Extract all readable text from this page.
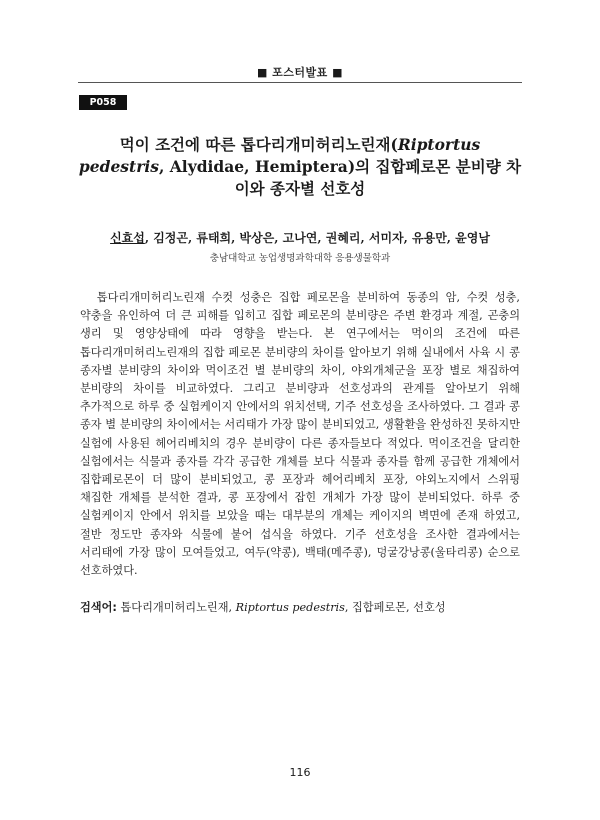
■ 포스터발표 ■
P058
먹이 조건에 따른 톱다리개미허리노린재(Riptortus pedestris, Alydidae, Hemiptera)의 집합페로몬 분비량 차이와 종자별 선호성
신효섭, 김정곤, 류태희, 박상은, 고나연, 권혜리, 서미자, 유용만, 윤영남
충남대학교 농업생명과학대학 응용생물학과

톱다리개미허리노린재 수컷 성충은 집합 페로몬을 분비하여 동종의 암, 수컷 성충, 약충을 유인하여 더 큰 피해를 입히고 집합 페로몬의 분비량은 주변 환경과 계절, 곤충의 생리 및 영양상태에 따라 영향을 받는다. 본 연구에서는 먹이의 조건에 따른 톱다리개미허리노린재의 집합 페로몬 분비량의 차이를 알아보기 위해 실내에서 사육 시 콩 종자별 분비량의 차이와 먹이조건 별 분비량의 차이, 야외개체군을 포장 별로 채집하여 분비량의 차이를 비교하였다. 그리고 분비량과 선호성과의 관계를 알아보기 위해 추가적으로 하루 중 실험케이지 안에서의 위치선택, 기주 선호성을 조사하였다. 그 결과 콩 종자 별 분비량의 차이에서는 서리태가 가장 많이 분비되었고, 생활환을 완성하진 못하지만 실험에 사용된 헤어리베치의 경우 분비량이 다른 종자들보다 적었다. 먹이조건을 달리한 실험에서는 식물과 종자를 각각 공급한 개체를 보다 식물과 종자를 함께 공급한 개체에서 집합페로몬이 더 많이 분비되었고, 콩 포장과 헤어리베치 포장, 야외노지에서 스위핑 채집한 개체를 분석한 결과, 콩 포장에서 잡힌 개체가 가장 많이 분비되었다. 하루 중 실험케이지 안에서 위치를 보았을 때는 대부분의 개체는 케이지의 벽면에 존재 하였고, 절반 정도만 종자와 식물에 붙어 섭식을 하였다. 기주 선호성을 조사한 결과에서는 서리태에 가장 많이 모여들었고, 여두(약콩), 백태(메주콩), 덩굴강낭콩(울타리콩) 순으로 선호하였다.

검색어: 톱다리개미허리노린재, Riptortus pedestris, 집합페로몬, 선호성
116
